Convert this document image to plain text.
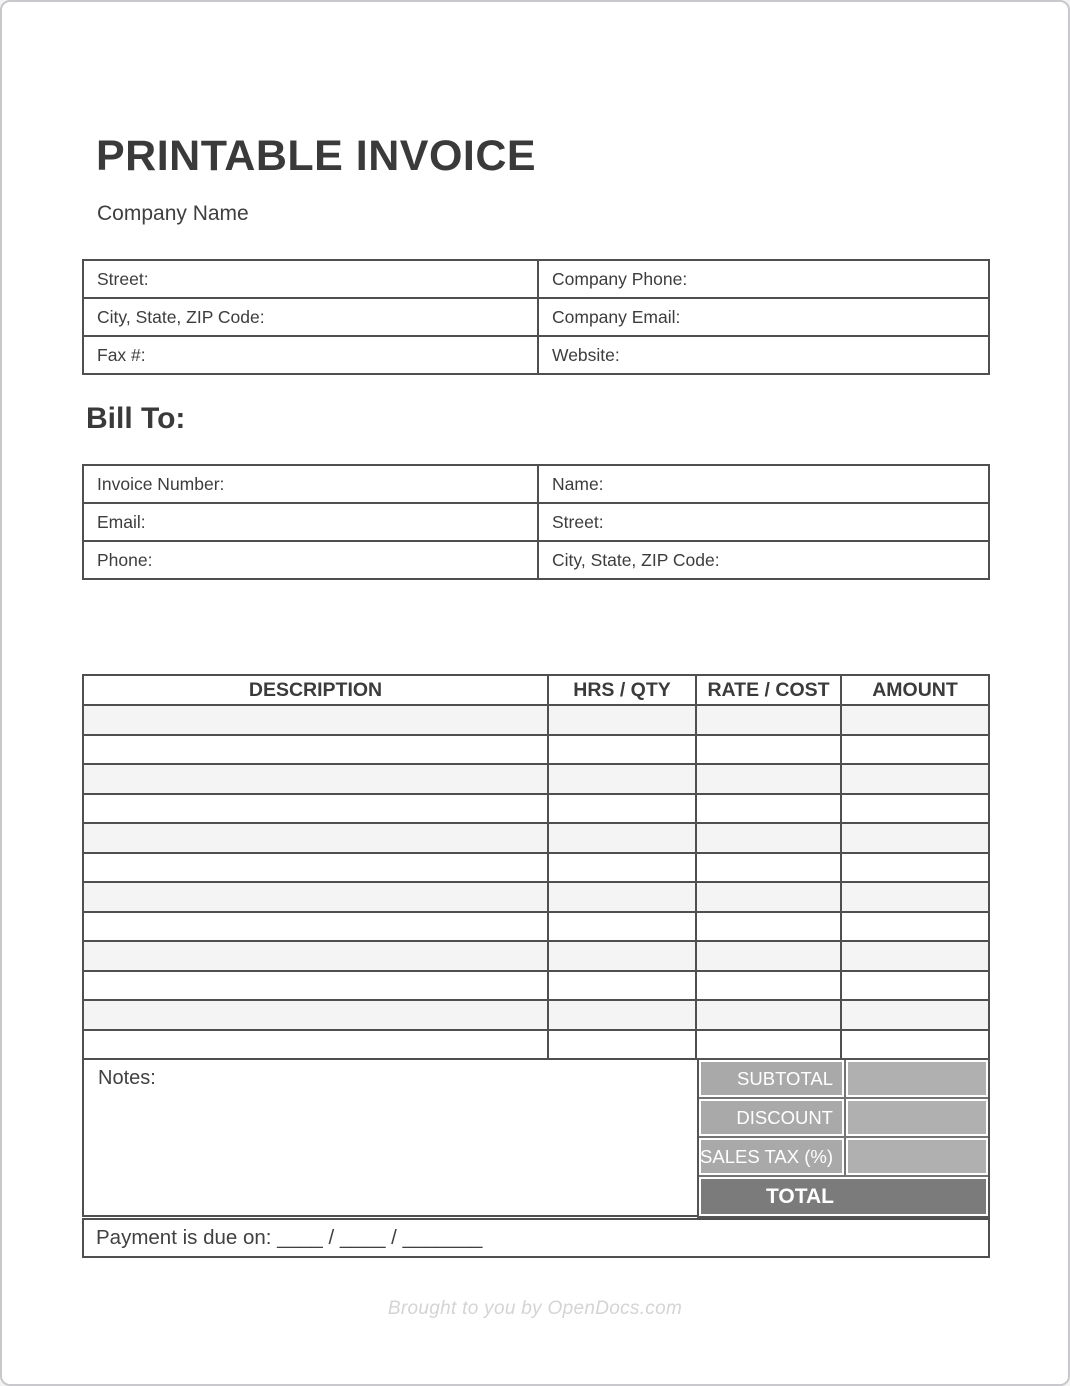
PRINTABLE INVOICE
Company Name
Street:	Company Phone:
City, State, ZIP Code:	Company Email:
Fax #:	Website:
Bill To:
Invoice Number:	Name:
Email:	Street:
Phone:	City, State, ZIP Code:
DESCRIPTION	HRS / QTY	RATE / COST	AMOUNT
Notes:	SUBTOTAL
DISCOUNT
SALES TAX (%)
TOTAL
Payment is due on: ____ / ____ / _______
Brought to you by OpenDocs.com
